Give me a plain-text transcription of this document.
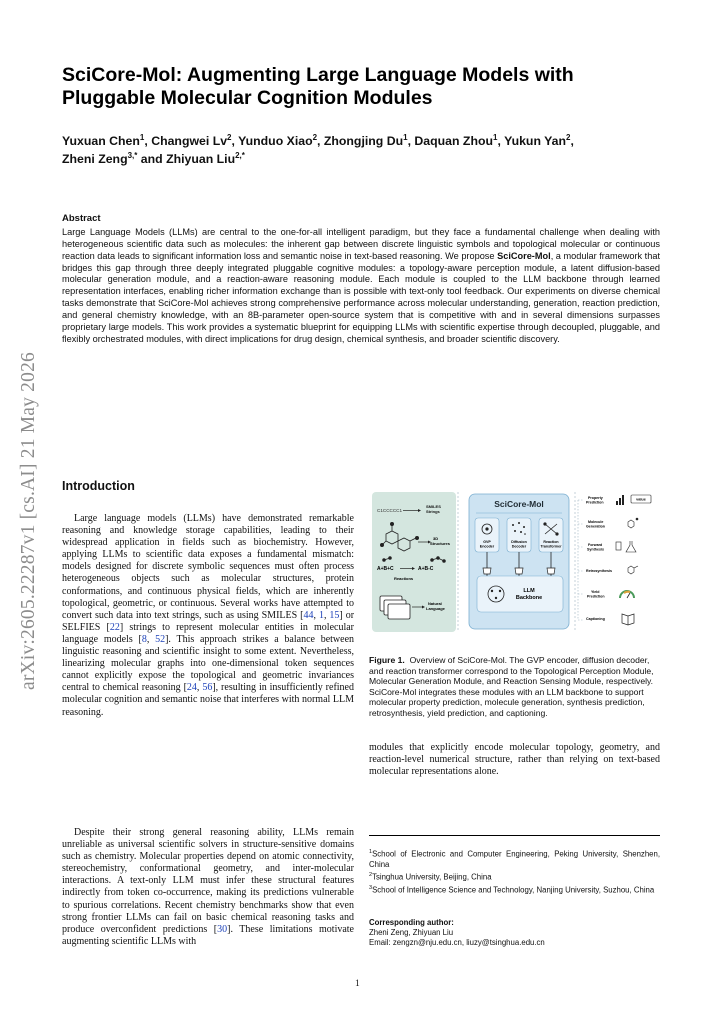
arXiv:2605.22287v1 [cs.AI] 21 May 2026
SciCore-Mol: Augmenting Large Language Models with
Pluggable Molecular Cognition Modules
Yuxuan Chen$^1$, Changwei Lv$^2$, Yunduo Xiao$^2$, Zhongjing Du$^1$, Daquan Zhou$^1$, Yukun Yan$^2$,
Zheni Zeng$^{3,*}$ and Zhiyuan Liu$^{2,*}$
Abstract
Large Language Models (LLMs) are central to the one-for-all intelligent paradigm, but they face a fundamental challenge when dealing with heterogeneous scientific data such as molecules: the inherent gap between discrete linguistic symbols and topological molecular or continuous reaction data leads to significant information loss and semantic noise in text-based reasoning. We propose SciCore-Mol, a modular framework that bridges this gap through three deeply integrated pluggable cognitive modules: a topology-aware perception module, a latent diffusion-based molecular generation module, and a reaction-aware reasoning module. Each module is coupled to the LLM backbone through learned representation interfaces, enabling richer information exchange than is possible with text-only tool feedback. Our experiments on diverse chemical tasks demonstrate that SciCore-Mol achieves strong comprehensive performance across molecular understanding, generation, reaction prediction, and general chemistry knowledge, with an 8B-parameter open-source system that is competitive with and in several dimensions surpasses proprietary large models. This work provides a systematic blueprint for equipping LLMs with scientific expertise through decoupled, pluggable, and flexibly orchestrated modules, with direct implications for drug design, chemical synthesis, and broader scientific discovery.
Introduction

Large language models (LLMs) have demonstrated remarkable reasoning and knowledge storage capabilities, leading to their widespread application in fields such as biochemistry. However, applying LLMs to scientific data exposes a fundamental mismatch: models designed for discrete symbolic sequences must often process heterogeneous objects such as molecular structures, protein conformations, and continuous physical fields, which are inherently topological, geometric, or continuous. Several works have attempted to convert such data into text strings, such as using SMILES [44, 1, 15] or SELFIES [22] strings to represent molecular entities in molecular language models [8, 52]. This approach strikes a balance between linguistic reasoning and scientific insight to some extent. Nevertheless, linearizing molecular graphs into one-dimensional token sequences cannot explicitly expose the topological and geometric invariances central to chemical reasoning [24, 56], resulting in insufficiently refined molecular cognition and semantic noise that interferes with normal LLM reasoning.

Despite their strong general reasoning ability, LLMs remain unreliable as universal scientific solvers in structure-sensitive domains such as chemistry. Molecular properties depend on atomic connectivity, stereochemistry, conformational geometry, and inter-molecular interactions. A text-only LLM must infer these structural features indirectly from token co-occurrence, making its predictions vulnerable to spurious correlations. Recent chemistry benchmarks show that even strong frontier LLMs can fail on basic chemical reasoning tasks and produce overconfident predictions [30]. These limitations motivate augmenting scientific LLMs with

C1CCCCC1
SMILES
Strings
3D
Structures
A+B+C	A+B-C
Reactions
Natural
Language
SciCore-Mol
GVP
Encoder
Diffusion
Decoder
Reaction
Transformer
LLM
Backbone
Property
Prediction
value
Molecule
Generation
Forward
Synthesis
Retrosynthesis
Yield
Prediction
Captioning
Figure 1. Overview of SciCore-Mol. The GVP encoder, diffusion decoder, and reaction transformer correspond to the Topological Perception Module, Molecular Generation Module, and Reaction Sensing Module, respectively. SciCore-Mol integrates these modules with an LLM backbone to support molecular property prediction, molecule generation, synthesis prediction, retrosynthesis, yield prediction, and captioning.

modules that explicitly encode molecular topology, geometry, and reaction-level numerical structure, rather than relying on text-based molecular representations alone.

$^1$School of Electronic and Computer Engineering, Peking University, Shenzhen, China
$^2$Tsinghua University, Beijing, China
$^3$School of Intelligence Science and Technology, Nanjing University, Suzhou, China
Corresponding author:
Zheni Zeng, Zhiyuan Liu
Email: zengzn@nju.edu.cn, liuzy@tsinghua.edu.cn
1
